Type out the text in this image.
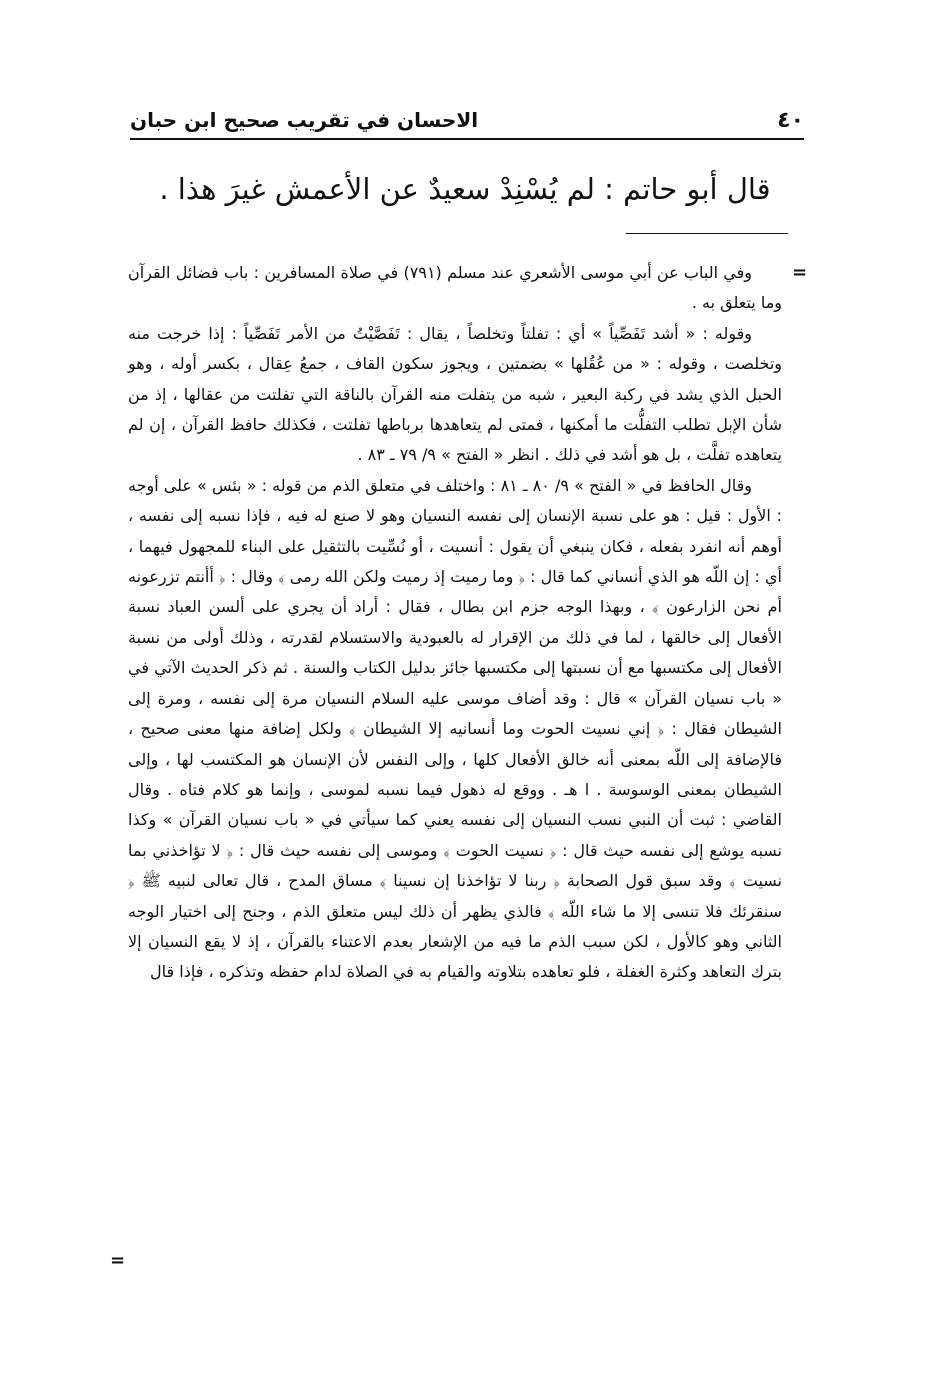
٤٠
الاحسان في تقريب صحيح ابن حبان
قال أبو حاتم : لم يُسْنِدْ سعيدٌ عن الأعمش غيرَ هذا .
=

وفي الباب عن أبي موسى الأشعري عند مسلم (٧٩١) في صلاة المسافرين : باب فضائل القرآن وما يتعلق به .

وقوله : « أشد تَفَصِّياً » أي : تفلتاً وتخلصاً ، يقال : تَفَصَّيْتُ من الأمر تَفَصِّياً : إذا خرجت منه وتخلصت ، وقوله : « من عُقُلها » بضمتين ، ويجوز سكون القاف ، جمعُ عِقال ، بكسر أوله ، وهو الحبل الذي يشد في ركبة البعير ، شبه من يتفلت منه القرآن بالناقة التي تفلتت من عقالها ، إذ من شأن الإبل تطلب التفلُّت ما أمكنها ، فمتى لم يتعاهدها برباطها تفلتت ، فكذلك حافظ القرآن ، إن لم يتعاهده تفلَّت ، بل هو أشد في ذلك . انظر « الفتح » ٩/ ٧٩ ـ ٨٣ .

وقال الحافظ في « الفتح » ٩/ ٨٠ ـ ٨١ : واختلف في متعلق الذم من قوله : « بئس » على أوجه : الأول : قيل : هو على نسبة الإنسان إلى نفسه النسيان وهو لا صنع له فيه ، فإذا نسبه إلى نفسه ، أوهم أنه انفرد بفعله ، فكان ينبغي أن يقول : أنسيت ، أو نُسِّيت بالتثقيل على البناء للمجهول فيهما ، أي : إن اللّه هو الذي أنساني كما قال : ﴿ وما رميت إذ رميت ولكن الله رمى ﴾ وقال : ﴿ أأنتم تزرعونه أم نحن الزارعون ﴾ ، وبهذا الوجه جزم ابن بطال ، فقال : أراد أن يجري على ألسن العباد نسبة الأفعال إلى خالقها ، لما في ذلك من الإقرار له بالعبودية والاستسلام لقدرته ، وذلك أولى من نسبة الأفعال إلى مكتسبها مع أن نسبتها إلى مكتسبها جائز بدليل الكتاب والسنة . ثم ذكر الحديث الآتي في « باب نسيان القرآن » قال : وقد أضاف موسى عليه السلام النسيان مرة إلى نفسه ، ومرة إلى الشيطان فقال : ﴿ إني نسيت الحوت وما أنسانيه إلا الشيطان ﴾ ولكل إضافة منها معنى صحيح ، فالإضافة إلى اللّه بمعنى أنه خالق الأفعال كلها ، وإلى النفس لأن الإنسان هو المكتسب لها ، وإلى الشيطان بمعنى الوسوسة . ا هـ . ووقع له ذهول فيما نسبه لموسى ، وإنما هو كلام فتاه . وقال القاضي : ثبت أن النبي نسب النسيان إلى نفسه يعني كما سيأتي في « باب نسيان القرآن » وكذا نسبه يوشع إلى نفسه حيث قال : ﴿ نسيت الحوت ﴾ وموسى إلى نفسه حيث قال : ﴿ لا تؤاخذني بما نسيت ﴾ وقد سبق قول الصحابة ﴿ ربنا لا تؤاخذنا إن نسينا ﴾ مساق المدح ، قال تعالى لنبيه ﷺ ﴿ سنقرئك فلا تنسى إلا ما شاء اللّه ﴾ فالذي يظهر أن ذلك ليس متعلق الذم ، وجنح إلى اختيار الوجه الثاني وهو كالأول ، لكن سبب الذم ما فيه من الإشعار بعدم الاعتناء بالقرآن ، إذ لا يقع النسيان إلا بترك التعاهد وكثرة الغفلة ، فلو تعاهده بتلاوته والقيام به في الصلاة لدام حفظه وتذكره ، فإذا قال

=
